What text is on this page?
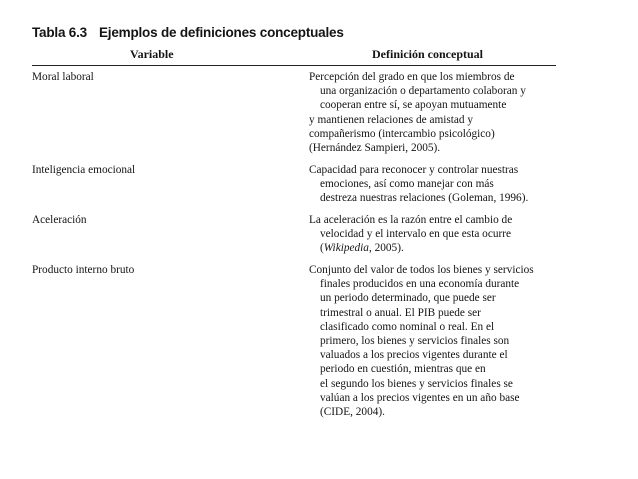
Tabla 6.3 Ejemplos de definiciones conceptuales
Variable	Definición conceptual
Moral laboral	Percepción del grado en que los miembros de
una organización o departamento colaboran y
cooperan entre sí, se apoyan mutuamente
y mantienen relaciones de amistad y
compañerismo (intercambio psicológico)
(Hernández Sampieri, 2005).
Inteligencia emocional	Capacidad para reconocer y controlar nuestras
emociones, así como manejar con más
destreza nuestras relaciones (Goleman, 1996).
Aceleración	La aceleración es la razón entre el cambio de
velocidad y el intervalo en que esta ocurre
(Wikipedia, 2005).
Producto interno bruto	Conjunto del valor de todos los bienes y servicios
finales producidos en una economía durante
un periodo determinado, que puede ser
trimestral o anual. El PIB puede ser
clasificado como nominal o real. En el
primero, los bienes y servicios finales son
valuados a los precios vigentes durante el
periodo en cuestión, mientras que en
el segundo los bienes y servicios finales se
valúan a los precios vigentes en un año base
(CIDE, 2004).
